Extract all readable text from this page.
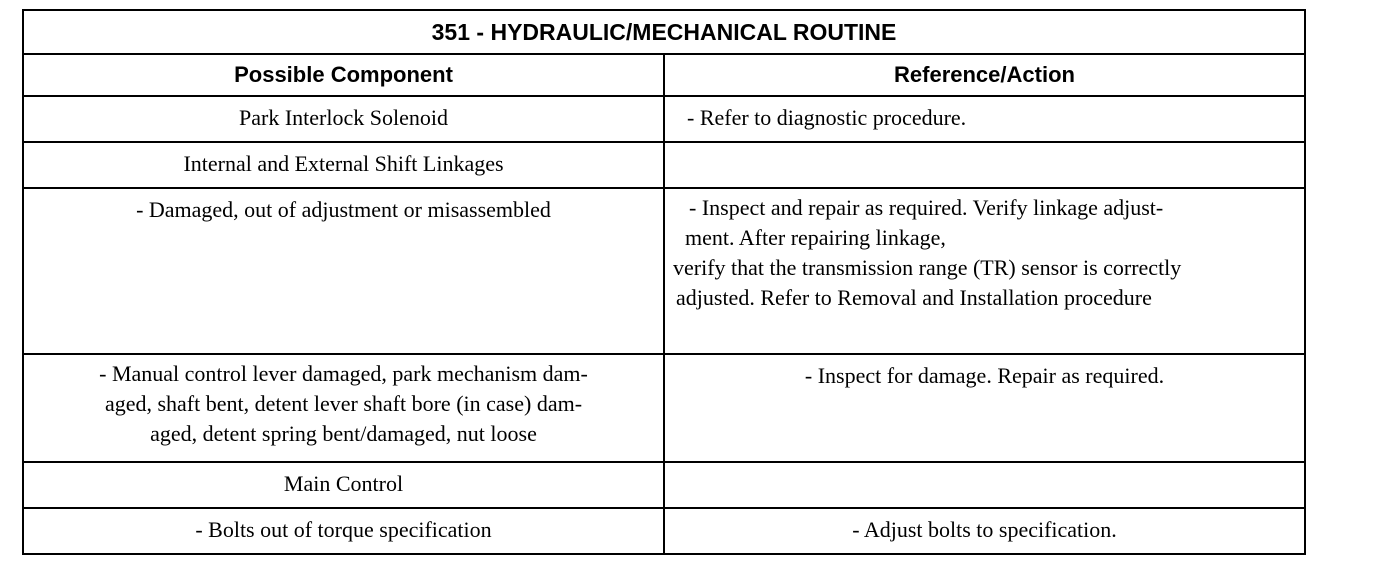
351 - HYDRAULIC/MECHANICAL ROUTINE	
Possible Component	Reference/Action
Park Interlock Solenoid	- Refer to diagnostic procedure.
Internal and External Shift Linkages	
- Damaged, out of adjustment or misassembled	- Inspect and repair as required. Verify linkage adjust-
ment. After repairing linkage,
verify that the transmission range (TR) sensor is correctly
adjusted. Refer to Removal and Installation procedure

- Manual control lever damaged, park mechanism dam-
aged, shaft bent, detent lever shaft bore (in case) dam-
aged, detent spring bent/damaged, nut loose	- Inspect for damage. Repair as required.
Main Control	
- Bolts out of torque specification	- Adjust bolts to specification.
